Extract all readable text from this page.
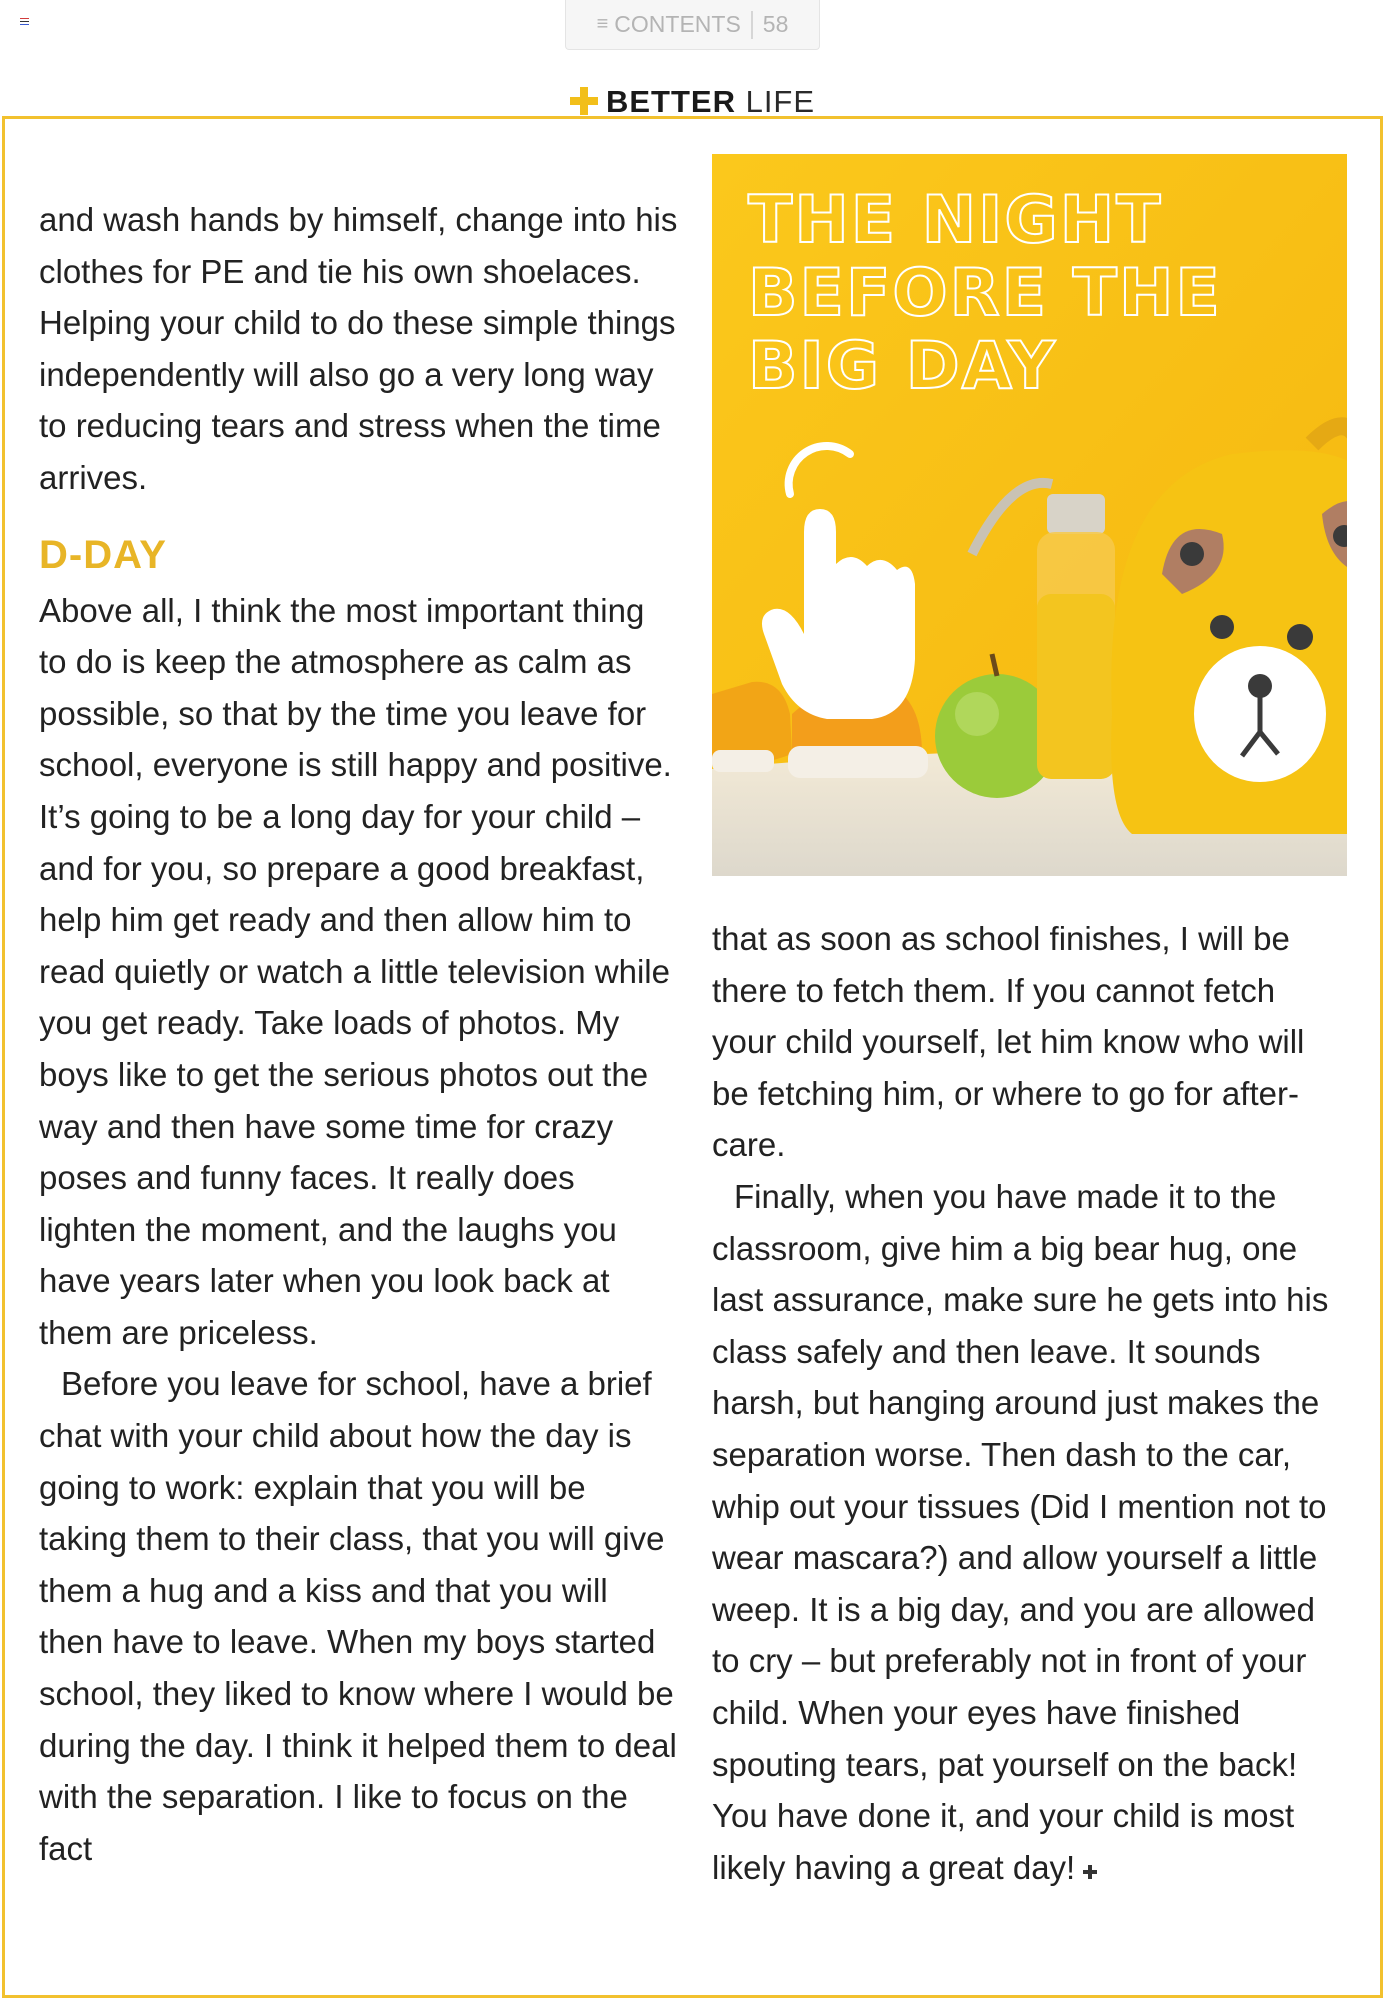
≡ CONTENTS 58
BETTER LIFE

and wash hands by himself, change into his clothes for PE and tie his own shoelaces. Helping your child to do these simple things independently will also go a very long way to reducing tears and stress when the time arrives.

D-DAY

Above all, I think the most important thing to do is keep the atmosphere as calm as possible, so that by the time you leave for school, everyone is still happy and positive. It’s going to be a long day for your child – and for you, so prepare a good breakfast, help him get ready and then allow him to read quietly or watch a little television while you get ready. Take loads of photos. My boys like to get the serious photos out the way and then have some time for crazy poses and funny faces. It really does lighten the moment, and the laughs you have years later when you look back at them are priceless.

Before you leave for school, have a brief chat with your child about how the day is going to work: explain that you will be taking them to their class, that you will give them a hug and a kiss and that you will then have to leave. When my boys started school, they liked to know where I would be during the day. I think it helped them to deal with the separation. I like to focus on the fact

THE NIGHT
BEFORE THE
BIG DAY

that as soon as school finishes, I will be there to fetch them. If you cannot fetch your child yourself, let him know who will be fetching him, or where to go for after-care.

Finally, when you have made it to the classroom, give him a big bear hug, one last assurance, make sure he gets into his class safely and then leave. It sounds harsh, but hanging around just makes the separation worse. Then dash to the car, whip out your tissues (Did I mention not to wear mascara?) and allow yourself a little weep. It is a big day, and you are allowed to cry – but preferably not in front of your child. When your eyes have finished spouting tears, pat yourself on the back! You have done it, and your child is most likely having a great day!
